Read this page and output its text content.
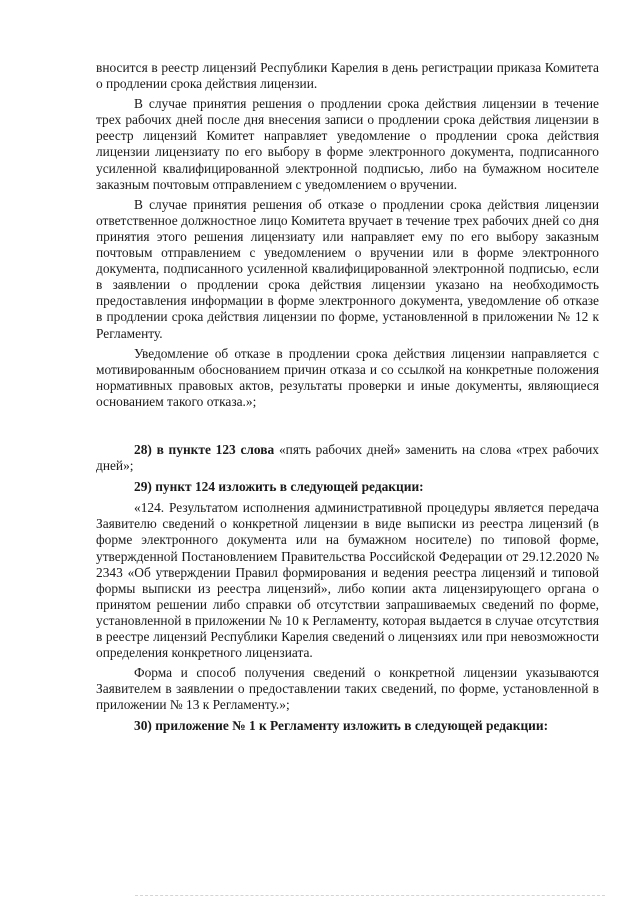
вносится в реестр лицензий Республики Карелия в день регистрации приказа Комитета о продлении срока действия лицензии.

В случае принятия решения о продлении срока действия лицензии в течение трех рабочих дней после дня внесения записи о продлении срока действия лицензии в реестр лицензий Комитет направляет уведомление о продлении срока действия лицензии лицензиату по его выбору в форме электронного документа, подписанного усиленной квалифицированной электронной подписью, либо на бумажном носителе заказным почтовым отправлением с уведомлением о вручении.

В случае принятия решения об отказе о продлении срока действия лицензии ответственное должностное лицо Комитета вручает в течение трех рабочих дней со дня принятия этого решения лицензиату или направляет ему по его выбору заказным почтовым отправлением с уведомлением о вручении или в форме электронного документа, подписанного усиленной квалифицированной электронной подписью, если в заявлении о продлении срока действия лицензии указано на необходимость предоставления информации в форме электронного документа, уведомление об отказе в продлении срока действия лицензии по форме, установленной в приложении № 12 к Регламенту.

Уведомление об отказе в продлении срока действия лицензии направляется с мотивированным обоснованием причин отказа и со ссылкой на конкретные положения нормативных правовых актов, результаты проверки и иные документы, являющиеся основанием такого отказа.»;

28) в пункте 123 слова «пять рабочих дней» заменить на слова «трех рабочих дней»;

29) пункт 124 изложить в следующей редакции:

«124. Результатом исполнения административной процедуры является передача Заявителю сведений о конкретной лицензии в виде выписки из реестра лицензий (в форме электронного документа или на бумажном носителе) по типовой форме, утвержденной Постановлением Правительства Российской Федерации от 29.12.2020 № 2343 «Об утверждении Правил формирования и ведения реестра лицензий и типовой формы выписки из реестра лицензий», либо копии акта лицензирующего органа о принятом решении либо справки об отсутствии запрашиваемых сведений по форме, установленной в приложении № 10 к Регламенту, которая выдается в случае отсутствия в реестре лицензий Республики Карелия сведений о лицензиях или при невозможности определения конкретного лицензиата.

Форма и способ получения сведений о конкретной лицензии указываются Заявителем в заявлении о предоставлении таких сведений, по форме, установленной в приложении № 13 к Регламенту.»;

30) приложение № 1 к Регламенту изложить в следующей редакции:
